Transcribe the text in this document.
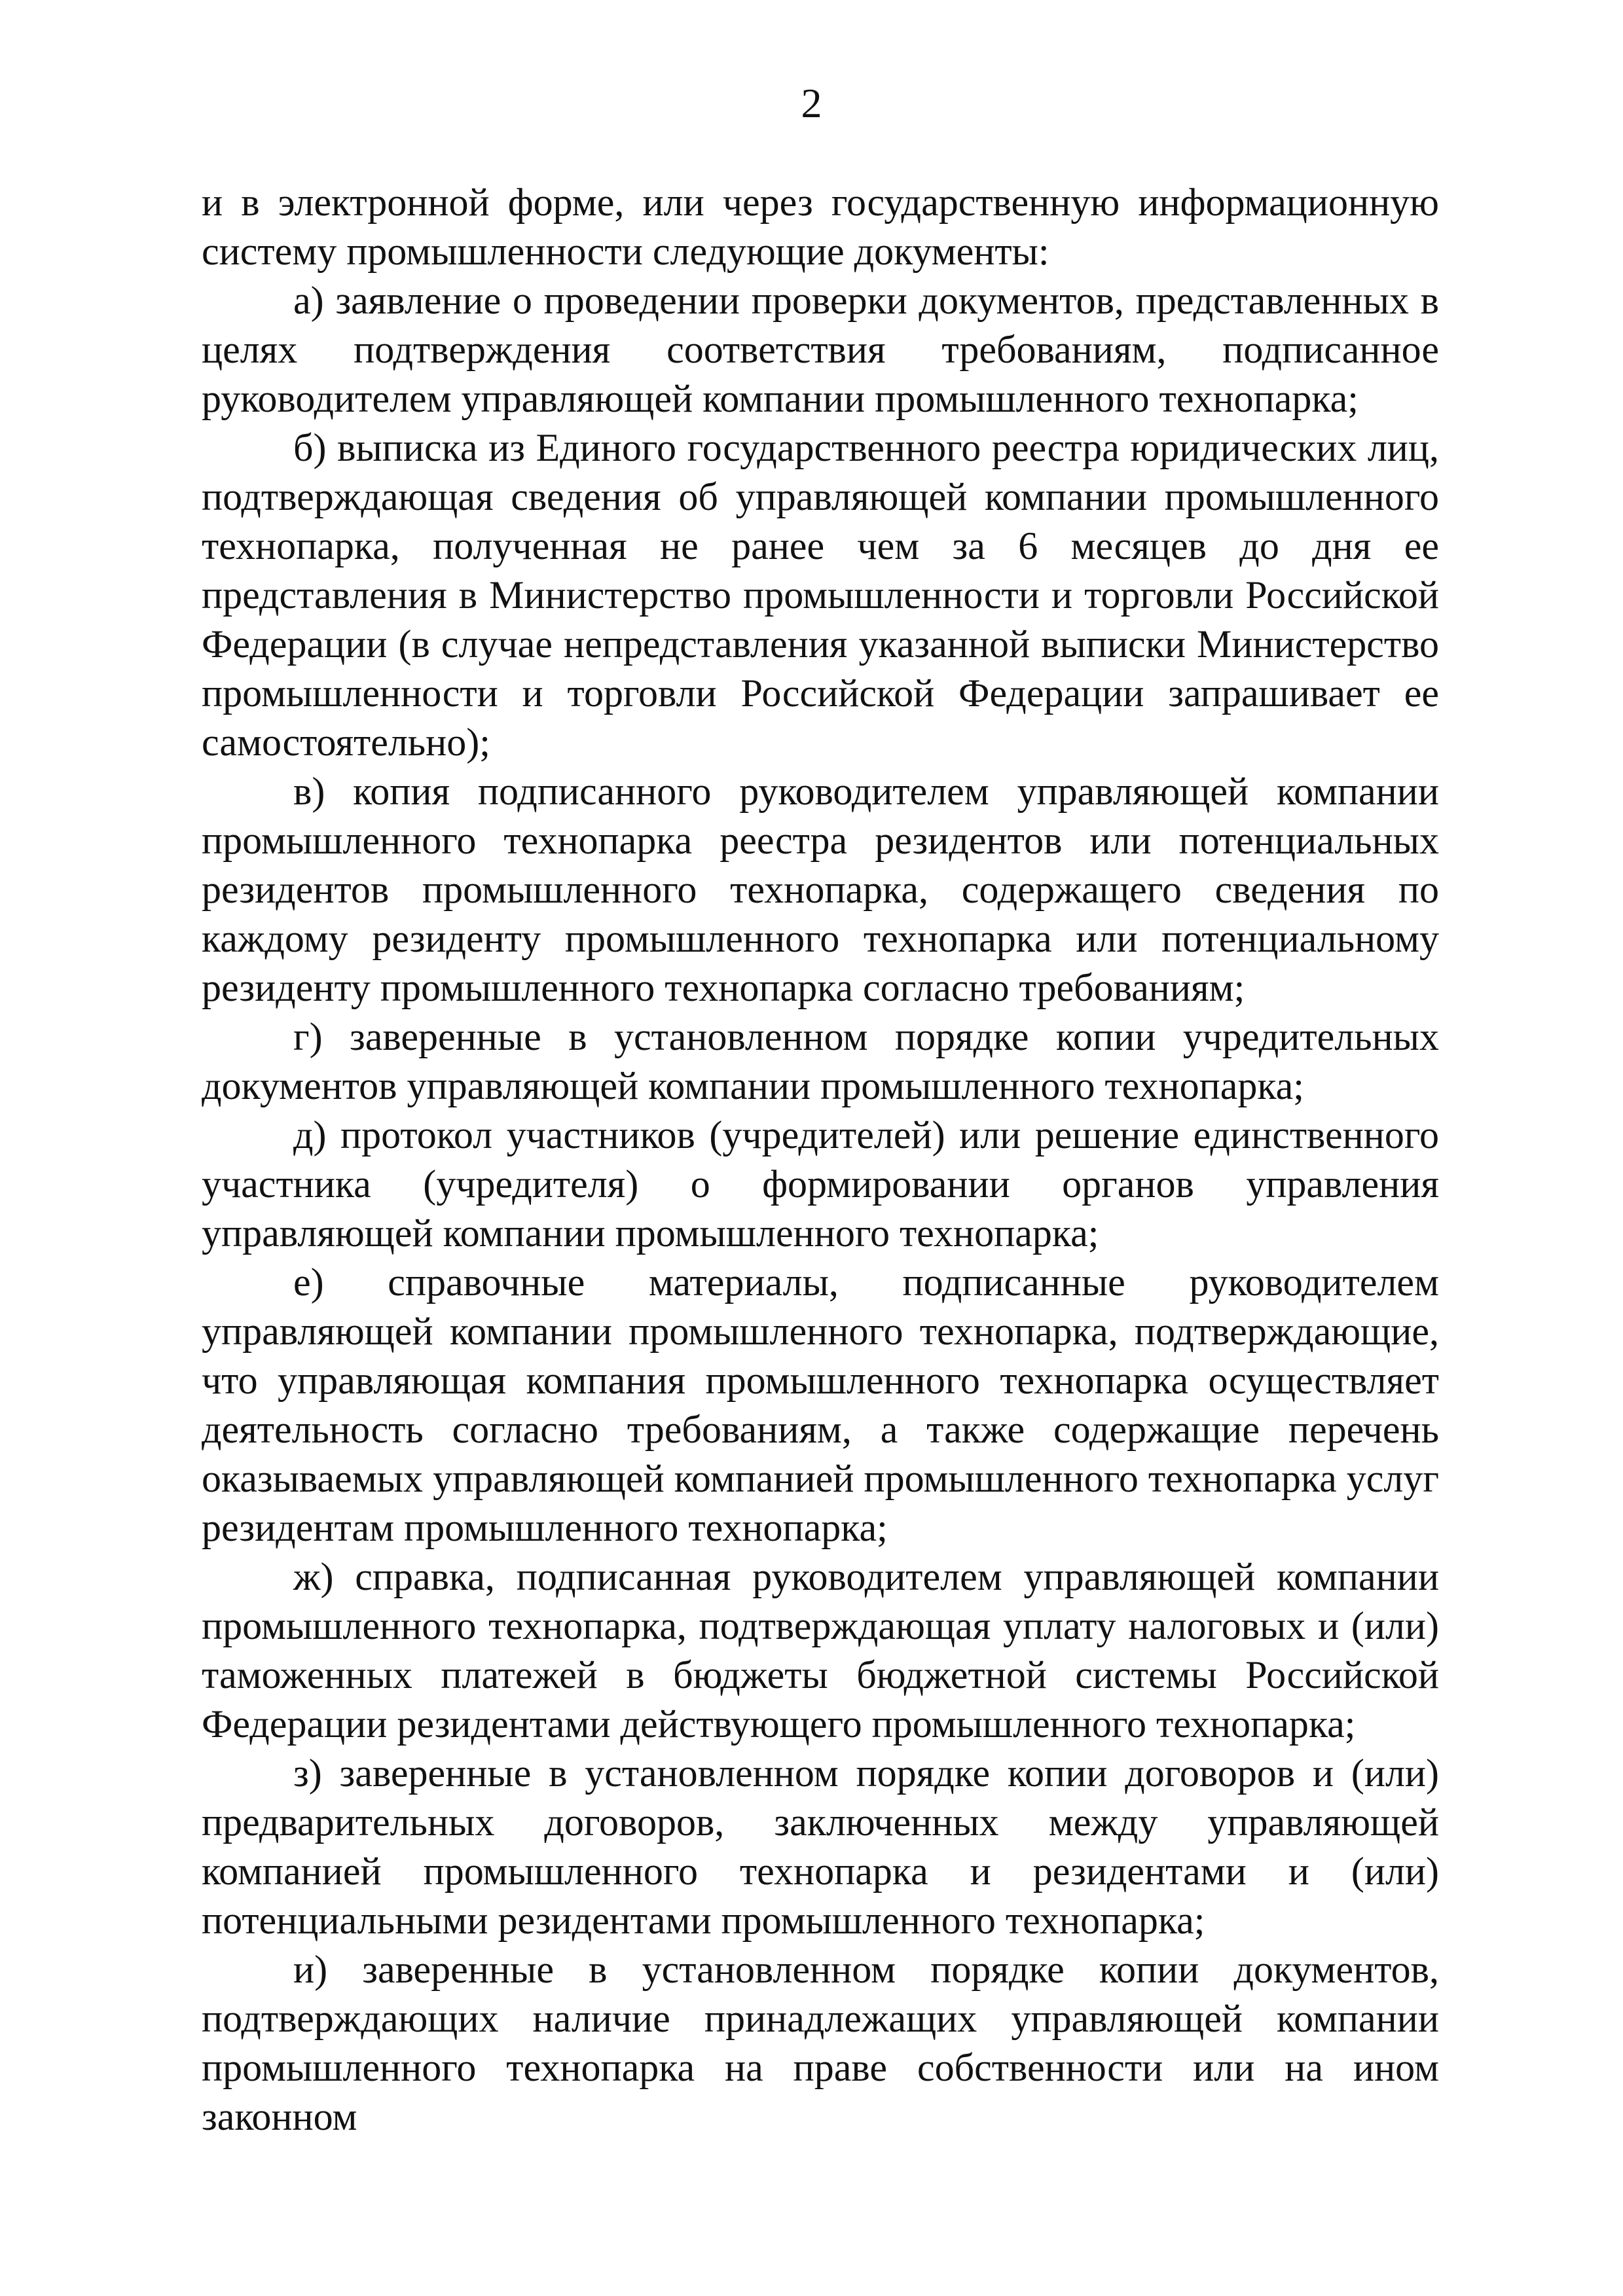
2

и в электронной форме, или через государственную информационную систему промышленности следующие документы:

а) заявление о проведении проверки документов, представленных в целях подтверждения соответствия требованиям, подписанное руководителем управляющей компании промышленного технопарка;

б) выписка из Единого государственного реестра юридических лиц, подтверждающая сведения об управляющей компании промышленного технопарка, полученная не ранее чем за 6 месяцев до дня ее представления в Министерство промышленности и торговли Российской Федерации (в случае непредставления указанной выписки Министерство промышленности и торговли Российской Федерации запрашивает ее самостоятельно);

в) копия подписанного руководителем управляющей компании промышленного технопарка реестра резидентов или потенциальных резидентов промышленного технопарка, содержащего сведения по каждому резиденту промышленного технопарка или потенциальному резиденту промышленного технопарка согласно требованиям;

г) заверенные в установленном порядке копии учредительных документов управляющей компании промышленного технопарка;

д) протокол участников (учредителей) или решение единственного участника (учредителя) о формировании органов управления управляющей компании промышленного технопарка;

е) справочные материалы, подписанные руководителем управляющей компании промышленного технопарка, подтверждающие, что управляющая компания промышленного технопарка осуществляет деятельность согласно требованиям, а также содержащие перечень оказываемых управляющей компанией промышленного технопарка услуг резидентам промышленного технопарка;

ж) справка, подписанная руководителем управляющей компании промышленного технопарка, подтверждающая уплату налоговых и (или) таможенных платежей в бюджеты бюджетной системы Российской Федерации резидентами действующего промышленного технопарка;

з) заверенные в установленном порядке копии договоров и (или) предварительных договоров, заключенных между управляющей компанией промышленного технопарка и резидентами и (или) потенциальными резидентами промышленного технопарка;

и) заверенные в установленном порядке копии документов, подтверждающих наличие принадлежащих управляющей компании промышленного технопарка на праве собственности или на ином законном
